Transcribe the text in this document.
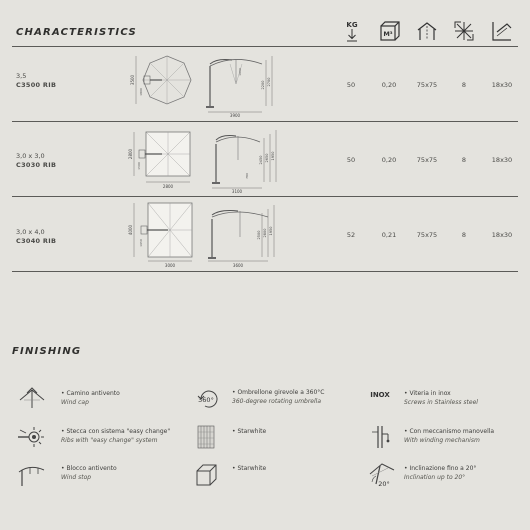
CHARACTERISTICS
KG
M³
3,5
C3500 RIB	3500
1800
3900
2200 2700
1000
50	0,20	75x75	8	18x30
3,0 x 3,0
C3030 RIB
2800
2800
1500
3100
2450 2650 1950
780
50	0,20	75x75	8	18x30
3,0 x 4,0
C3040 RIB
4000
3000
1650
3600
2500 2800 1950	52	0,21	75x75	8	18x30
FINISHING
• Camino antivento
Wind cap
• Stecca con sistema "easy change"
Ribs with "easy change" system
• Blocco antivento
Wind stop
360°
• Ombrellone girevole a 360°C
360-degree rotating umbrella
• Starwhite
• Starwhite
INOX • Viteria in inox
Screws in Stainless steel
• Con meccanismo manovella
With winding mechanism
20°
• Inclinazione fino a 20°
Inclination up to 20°
